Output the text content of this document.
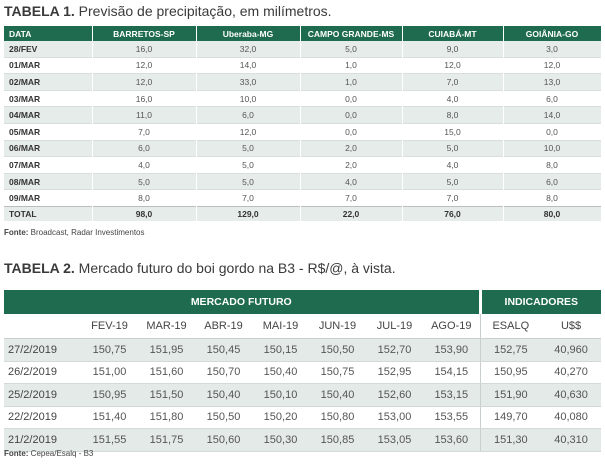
TABELA 1. Previsão de precipitação, em milímetros.
DATA	BARRETOS-SP	Uberaba-MG	CAMPO GRANDE-MS	CUIABÁ-MT	GOIÂNIA-GO
28/FEV	16,0	32,0	5,0	9,0	3,0
01/MAR	12,0	14,0	1,0	12,0	12,0
02/MAR	12,0	33,0	1,0	7,0	13,0
03/MAR	16,0	10,0	0,0	4,0	6,0
04/MAR	11,0	6,0	0,0	8,0	14,0
05/MAR	7,0	12,0	0,0	15,0	0,0
06/MAR	6,0	5,0	2,0	5,0	10,0
07/MAR	4,0	5,0	2,0	4,0	8,0
08/MAR	5,0	5,0	4,0	5,0	6,0
09/MAR	8,0	7,0	7,0	7,0	8,0
TOTAL	98,0	129,0	22,0	76,0	80,0
Fonte: Broadcast, Radar Investimentos
TABELA 2. Mercado futuro do boi gordo na B3 - R$/@, à vista.
MERCADO FUTURO								INDICADORES	
	FEV-19	MAR-19	ABR-19	MAI-19	JUN-19	JUL-19	AGO-19	ESALQ	U$$
27/2/2019	150,75	151,95	150,45	150,15	150,50	152,70	153,90	152,75	40,960
26/2/2019	151,00	151,60	150,70	150,40	150,75	152,95	154,15	150,95	40,270
25/2/2019	150,95	151,50	150,40	150,10	150,40	152,60	153,15	151,90	40,630
22/2/2019	151,40	151,80	150,50	150,20	150,80	153,00	153,55	149,70	40,080
21/2/2019	151,55	151,75	150,60	150,30	150,85	153,05	153,60	151,30	40,310
Fonte: Cepea/Esalq - B3
